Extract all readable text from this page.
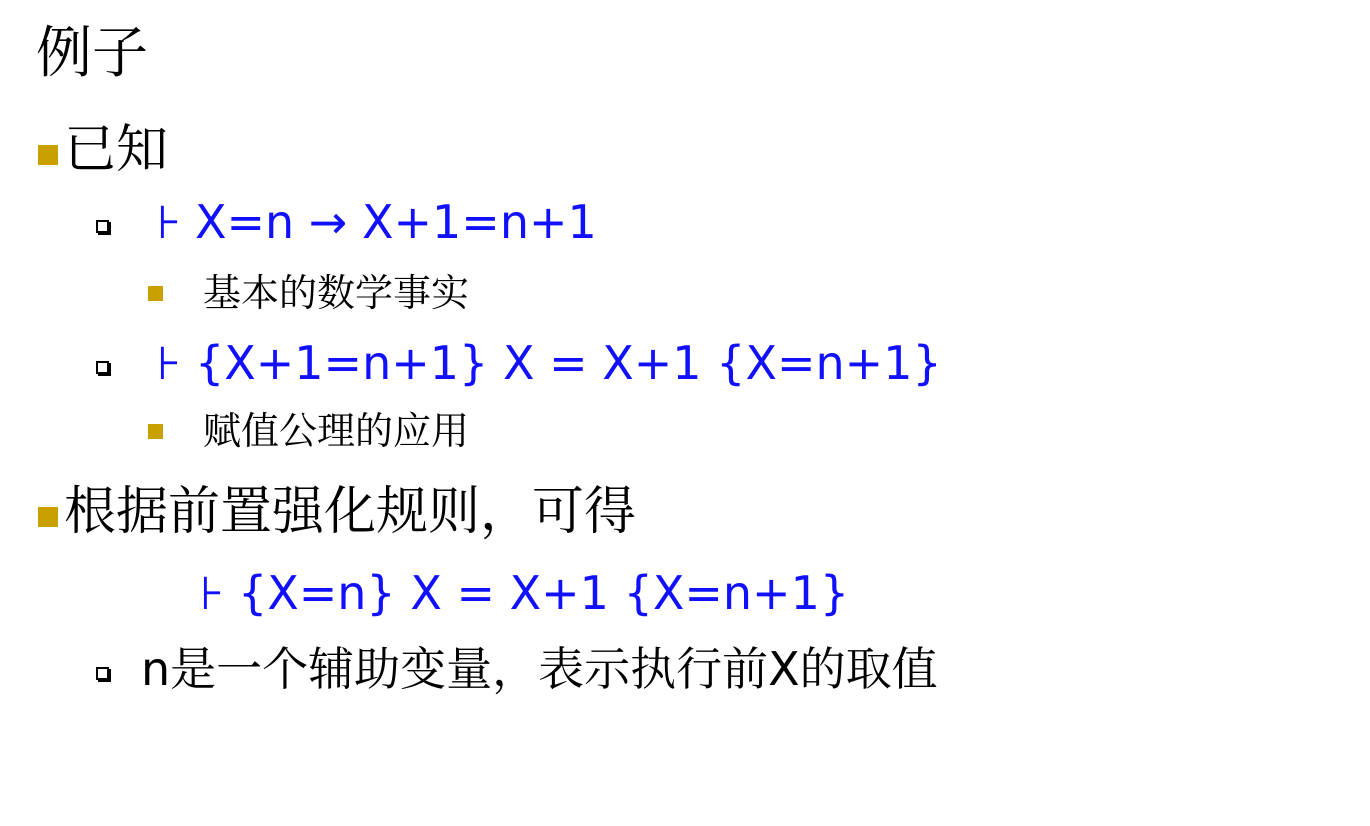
例子
已知
⊦ X=n → X+1=n+1
基本的数学事实
⊦ {X+1=n+1} X = X+1 {X=n+1}
赋值公理的应用
根据前置强化规则，可得
⊦ {X=n} X = X+1 {X=n+1}
n是一个辅助变量，表示执行前X的取值
